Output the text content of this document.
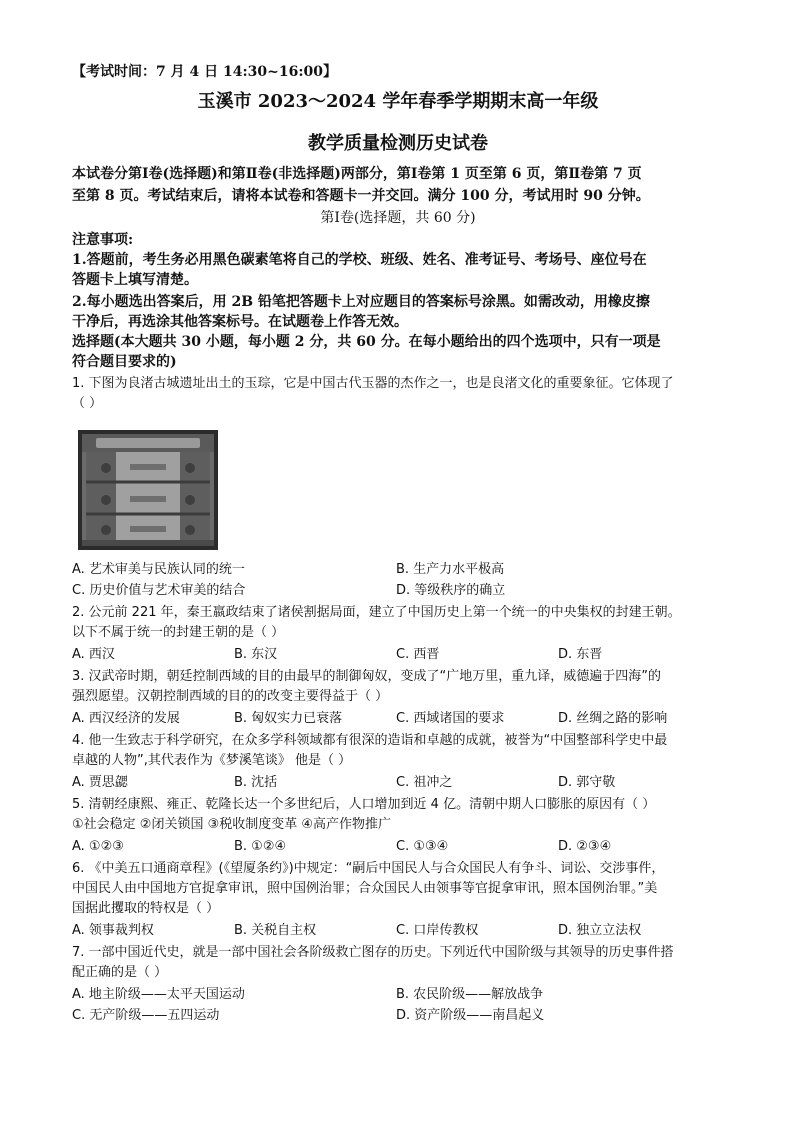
【考试时间：7 月 4 日 14:30~16:00】
玉溪市 2023～2024 学年春季学期期末高一年级
教学质量检测历史试卷
本试卷分第Ⅰ卷(选择题)和第Ⅱ卷(非选择题)两部分，第Ⅰ卷第 1 页至第 6 页，第Ⅱ卷第 7 页
至第 8 页。考试结束后，请将本试卷和答题卡一并交回。满分 100 分，考试用时 90 分钟。
第Ⅰ卷(选择题，共 60 分)
注意事项:
1.答题前，考生务必用黑色碳素笔将自己的学校、班级、姓名、准考证号、考场号、座位号在
答题卡上填写清楚。
2.每小题选出答案后，用 2B 铅笔把答题卡上对应题目的答案标号涂黑。如需改动，用橡皮擦
干净后，再选涂其他答案标号。在试题卷上作答无效。
选择题(本大题共 30 小题，每小题 2 分，共 60 分。在每小题给出的四个选项中，只有一项是
符合题目要求的)
1. 下图为良渚古城遗址出土的玉琮，它是中国古代玉器的杰作之一，也是良渚文化的重要象征。它体现了
（ ）
A. 艺术审美与民族认同的统一	B. 生产力水平极高
C. 历史价值与艺术审美的结合	D. 等级秩序的确立
2. 公元前 221 年，秦王嬴政结束了诸侯割据局面，建立了中国历史上第一个统一的中央集权的封建王朝。
以下不属于统一的封建王朝的是（ ）
A. 西汉	B. 东汉	C. 西晋	D. 东晋
3. 汉武帝时期，朝廷控制西域的目的由最早的制御匈奴，变成了“广地万里，重九译，威德遍于四海”的
强烈愿望。汉朝控制西域的目的的改变主要得益于（ ）
A. 西汉经济的发展	B. 匈奴实力已衰落	C. 西域诸国的要求	D. 丝绸之路的影响
4. 他一生致志于科学研究，在众多学科领域都有很深的造诣和卓越的成就，被誉为“中国整部科学史中最
卓越的人物”,其代表作为《梦溪笔谈》 他是（ ）
A. 贾思勰	B. 沈括	C. 祖冲之	D. 郭守敬
5. 清朝经康熙、雍正、乾隆长达一个多世纪后，人口增加到近 4 亿。清朝中期人口膨胀的原因有（ ）
①社会稳定 ②闭关锁国 ③税收制度变革 ④高产作物推广
A. ①②③	B. ①②④	C. ①③④	D. ②③④
6. 《中美五口通商章程》(《望厦条约》)中规定：“嗣后中国民人与合众国民人有争斗、词讼、交涉事件，
中国民人由中国地方官捉拿审讯，照中国例治罪；合众国民人由领事等官捉拿审讯，照本国例治罪。”美
国据此攫取的特权是（ ）
A. 领事裁判权	B. 关税自主权	C. 口岸传教权	D. 独立立法权
7. 一部中国近代史，就是一部中国社会各阶级救亡图存的历史。下列近代中国阶级与其领导的历史事件搭
配正确的是（ ）
A. 地主阶级——太平天国运动	B. 农民阶级——解放战争
C. 无产阶级——五四运动	D. 资产阶级——南昌起义
